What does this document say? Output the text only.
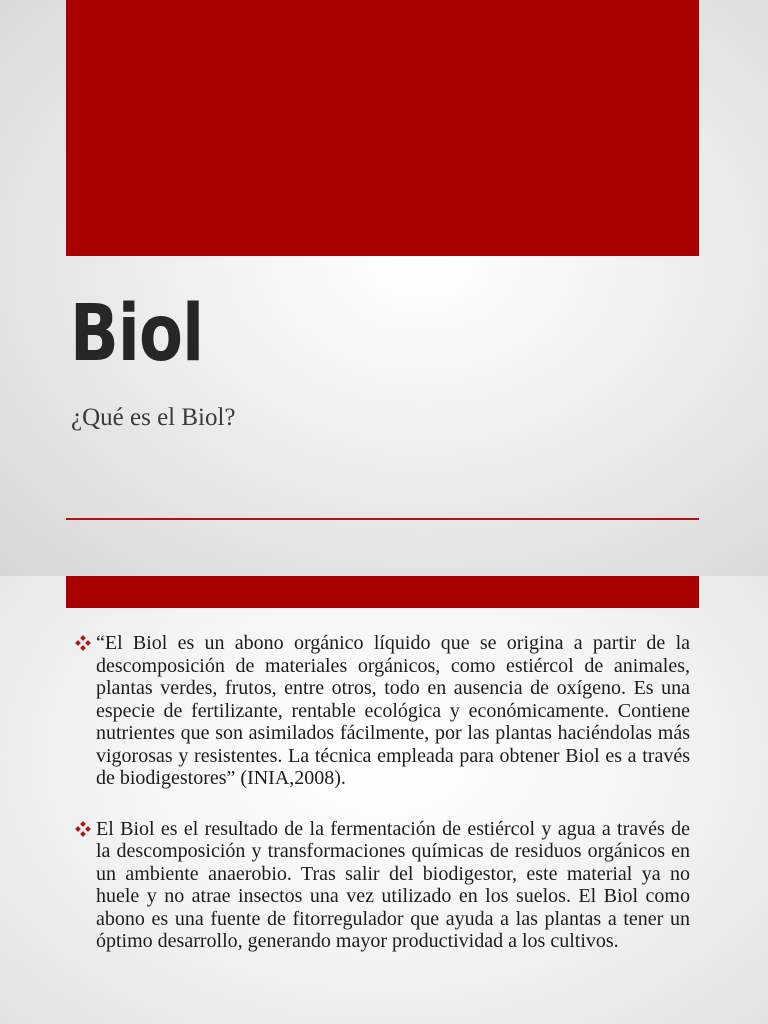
Biol

¿Qué es el Biol?

“El Biol es un abono orgánico líquido que se origina a partir de la descomposición de materiales orgánicos, como estiércol de animales, plantas verdes, frutos, entre otros, todo en ausencia de oxígeno. Es una especie de fertilizante, rentable ecológica y económicamente. Contiene nutrientes que son asimilados fácilmente, por las plantas haciéndolas más vigorosas y resistentes. La técnica empleada para obtener Biol es a través de biodigestores” (INIA,2008).
El Biol es el resultado de la fermentación de estiércol y agua a través de la descomposición y transformaciones químicas de residuos orgánicos en un ambiente anaerobio. Tras salir del biodigestor, este material ya no huele y no atrae insectos una vez utilizado en los suelos. El Biol como abono es una fuente de fitorregulador que ayuda a las plantas a tener un óptimo desarrollo, generando mayor productividad a los cultivos.
